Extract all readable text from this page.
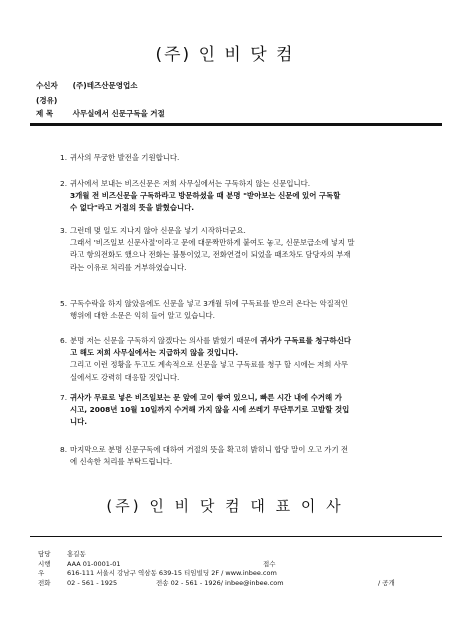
(주) 인 비 닷 컴
수신자 (주)테즈산문영업소
(경유)
제 목	사무실에서 신문구독을 거절
1. 귀사의 무궁한 발전을 기원합니다.
2. 귀사에서 보내는 비즈신문은 저희 사무실에서는 구독하지 않는 신문입니다.
3개월 전 비즈신문을 구독하라고 방문하셨을 때 분명 "받아보는 신문에 있어 구독할
수 없다"라고 거절의 뜻을 밝혔습니다.
3. 그런데 몇 일도 지나지 않아 신문을 넣기 시작하더군요.
그래서 '비즈일보 신문사절'이라고 문에 대문짝만하게 붙여도 놓고, 신문보급소에 넣지 말
라고 항의전화도 했으나 전화는 불통이었고, 전화연결이 되었을 때조차도 담당자의 부재
라는 이유로 처리를 거부하였습니다.
5. 구독수락을 하지 않았음에도 신문을 넣고 3개월 뒤에 구독료를 받으러 온다는 악질적인
행위에 대한 소문은 익히 들어 알고 있습니다.
6. 분명 저는 신문을 구독하지 않겠다는 의사를 밝혔기 때문에 귀사가 구독료를 청구하신다
고 해도 저희 사무실에서는 지급하지 않을 것입니다.
그리고 이런 정황을 두고도 계속적으로 신문을 넣고 구독료를 청구 할 시에는 저희 사무
실에서도 강력히 대응할 것입니다.
7. 귀사가 무료로 넣은 비즈일보는 문 앞에 고이 쌓여 있으니, 빠른 시간 내에 수거해 가
시고, 2008년 10월 10일까지 수거해 가지 않을 시에 쓰레기 무단투기로 고발할 것입
니다.
8. 마지막으로 분명 신문구독에 대하여 거절의 뜻을 확고히 밝히니 합당 말이 오고 가기 전
에 신속한 처리를 부탁드립니다.
(주) 인 비 닷 컴 대 표 이 사
담당	홍길동
시행	AAA 01-0001-01	접수
우	616-111 서울시 강남구 역삼동 639-15 티임빌딩 2F / www.inbee.com
전화	02 - 561 - 1925	전송 02 - 561 - 1926/ inbee@inbee.com	/ 공개
